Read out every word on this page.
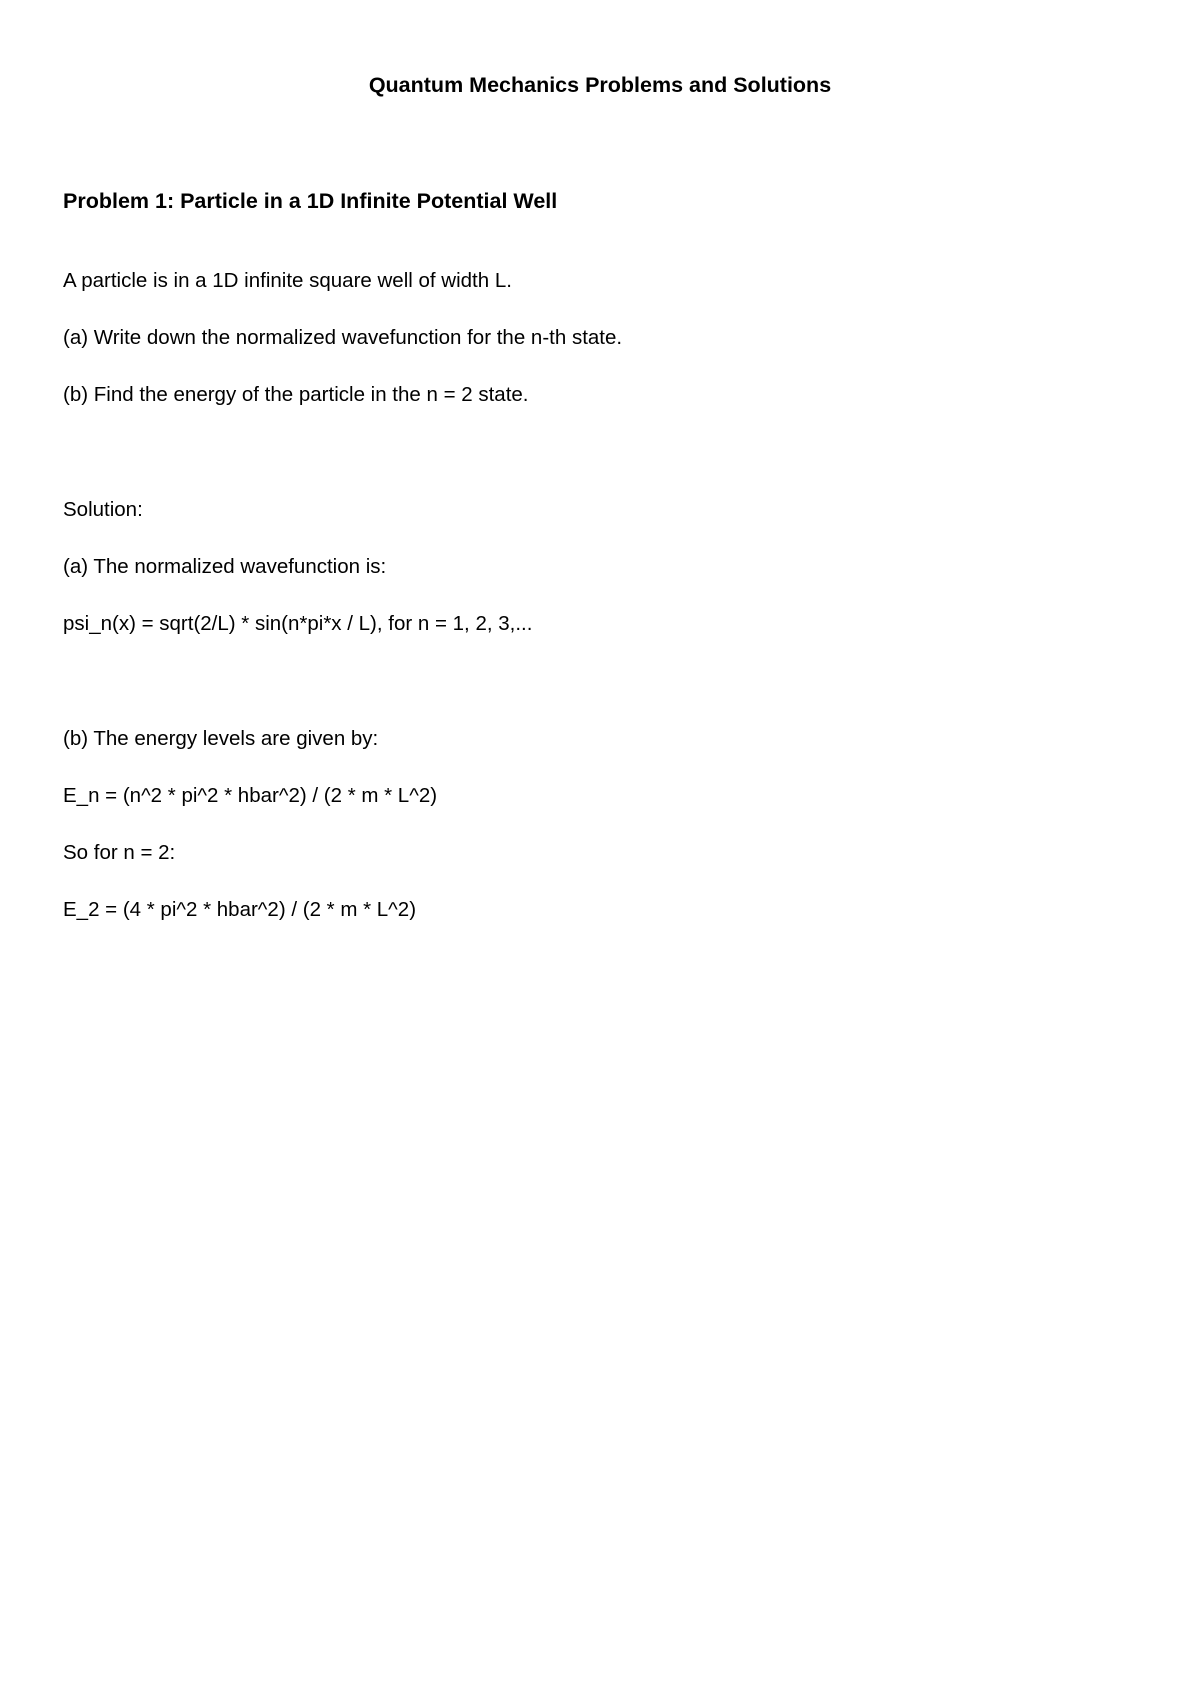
Quantum Mechanics Problems and Solutions
Problem 1: Particle in a 1D Infinite Potential Well
A particle is in a 1D infinite square well of width L.
(a) Write down the normalized wavefunction for the n-th state.
(b) Find the energy of the particle in the n = 2 state.
Solution:
(a) The normalized wavefunction is:
psi_n(x) = sqrt(2/L) * sin(n*pi*x / L), for n = 1, 2, 3,...
(b) The energy levels are given by:
E_n = (n^2 * pi^2 * hbar^2) / (2 * m * L^2)
So for n = 2:
E_2 = (4 * pi^2 * hbar^2) / (2 * m * L^2)
